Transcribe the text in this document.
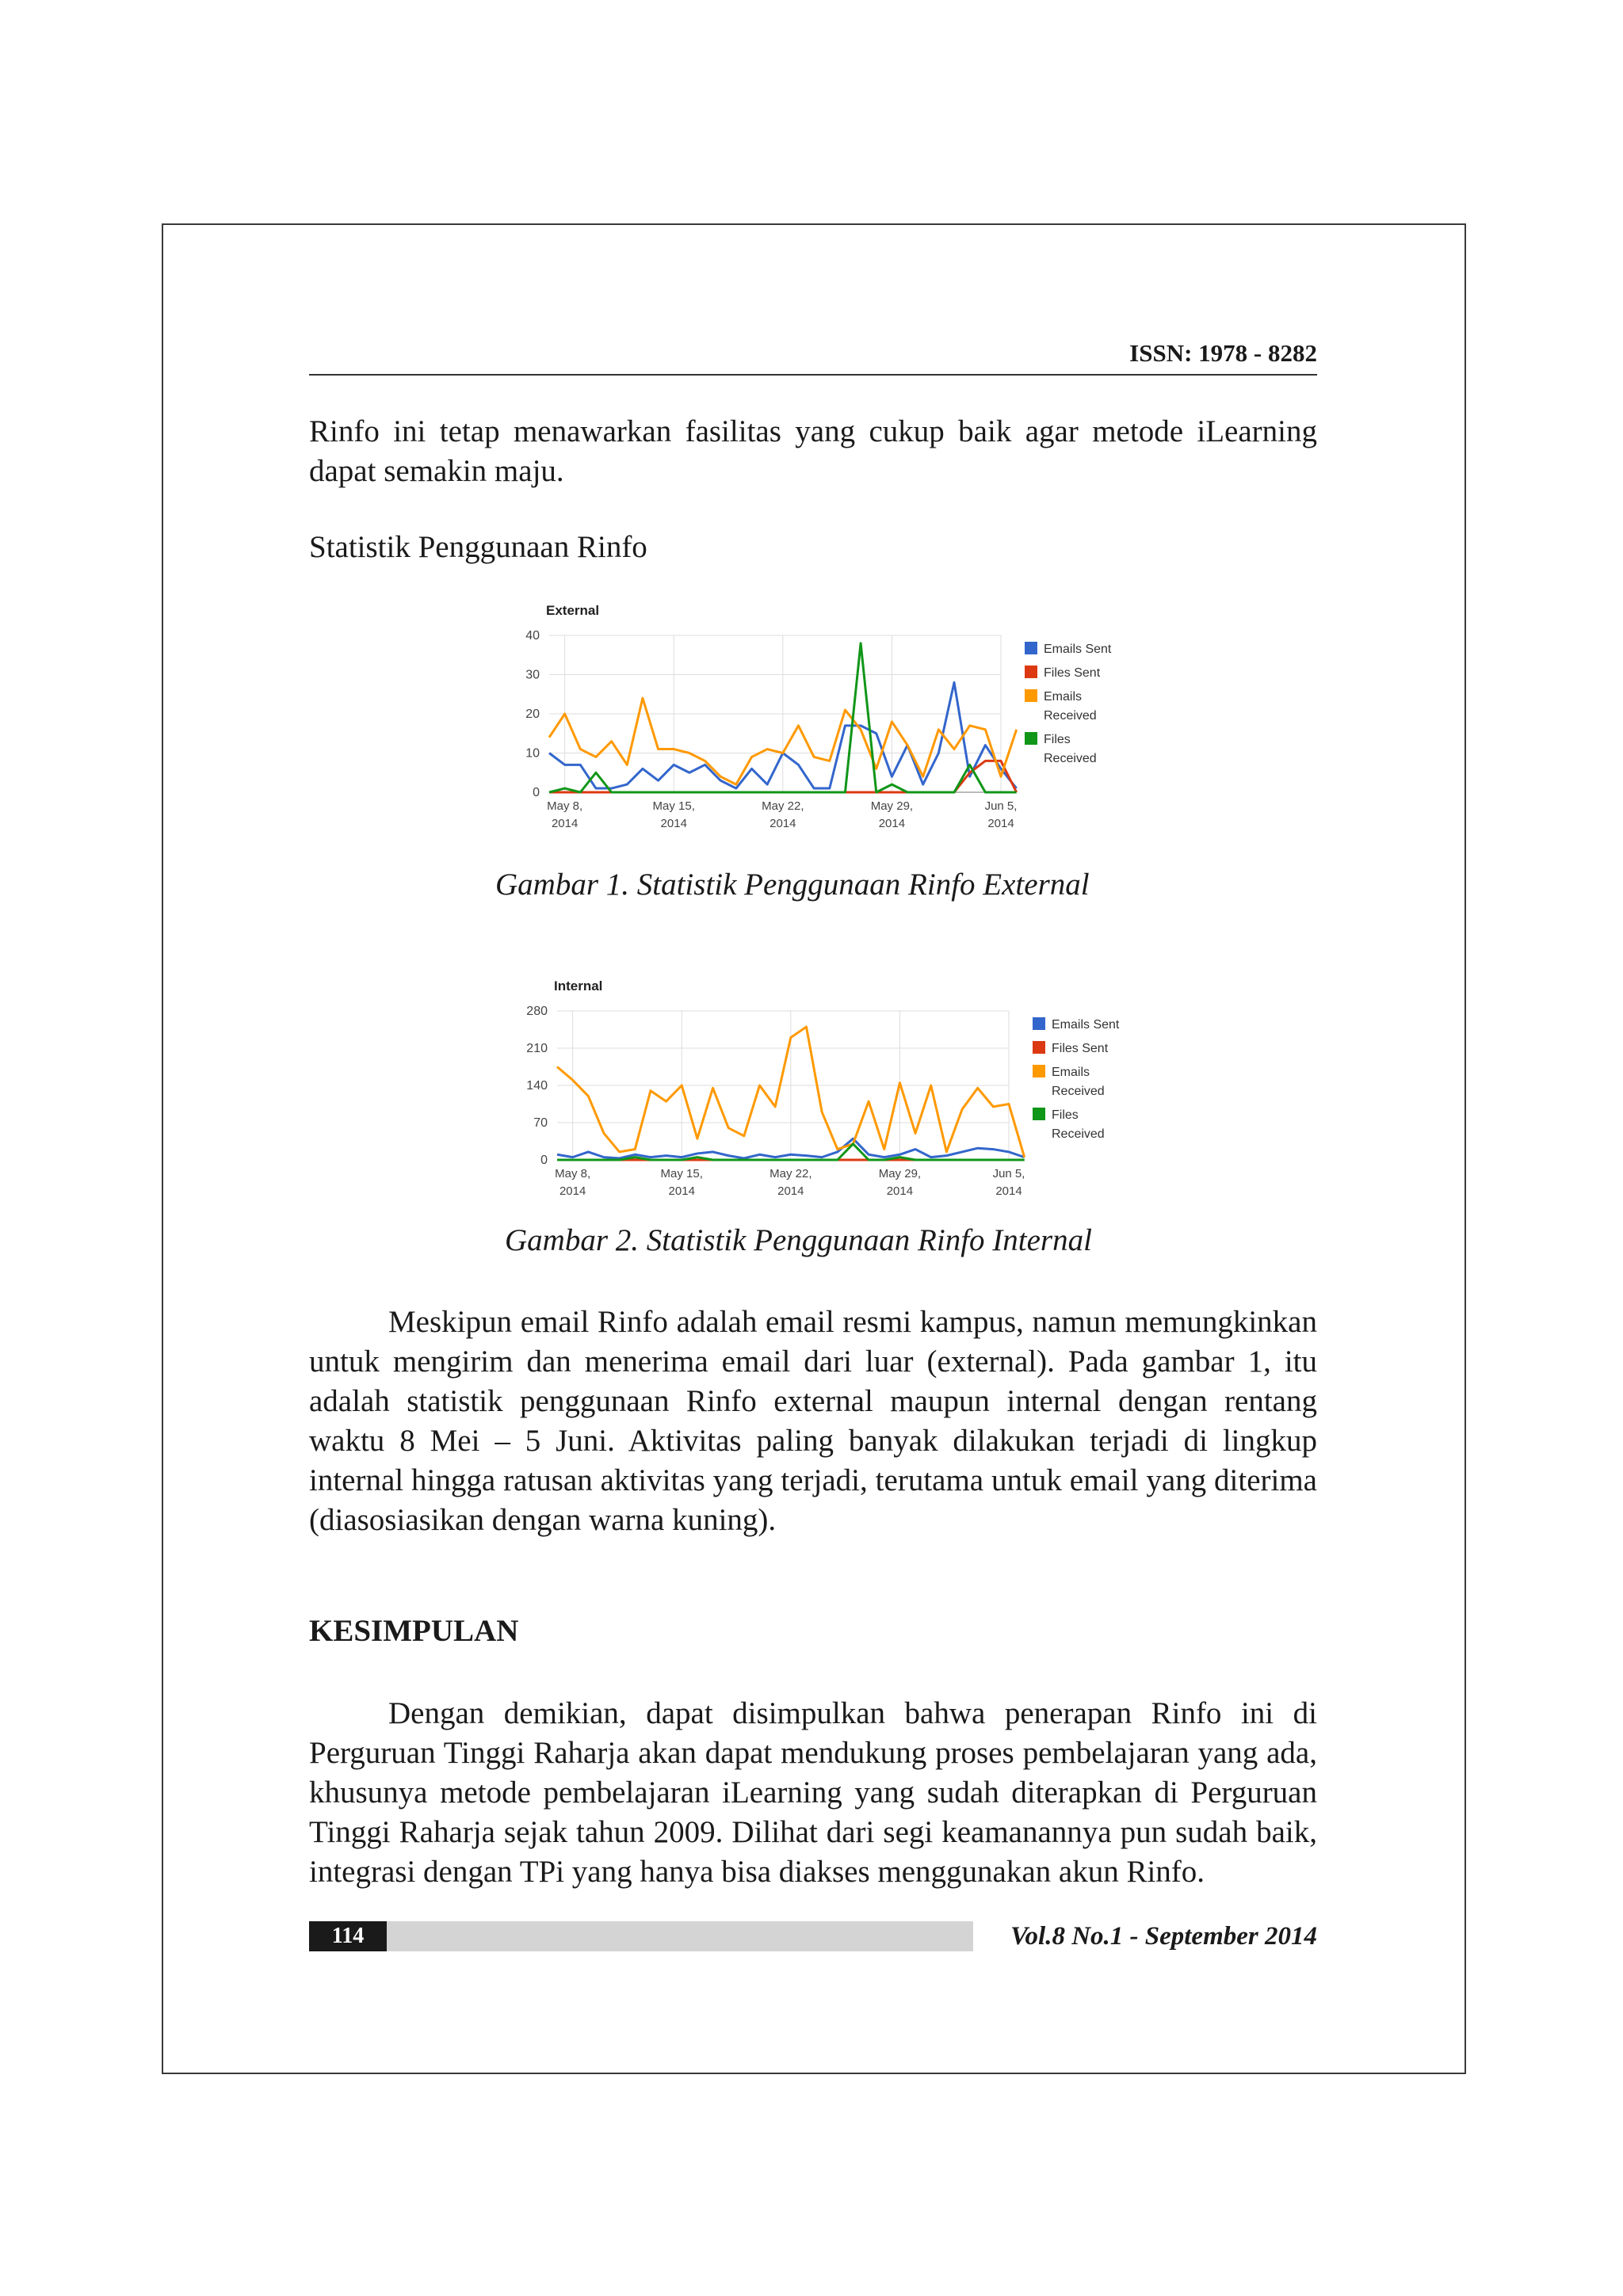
ISSN: 1978 - 8282

Rinfo ini tetap menawarkan fasilitas yang cukup baik agar metode iLearning dapat semakin maju.

Statistik Penggunaan Rinfo

External
0
10
20
30
40
May 8,
2014
May 15,
2014
May 22,
2014
May 29,
2014
Jun 5,
2014
Emails Sent
Files Sent
Emails
Received
Files
Received

Gambar 1. Statistik Penggunaan Rinfo External

Internal
0
70
140
210
280
May 8,
2014
May 15,
2014
May 22,
2014
May 29,
2014
Jun 5,
2014
Emails Sent
Files Sent
Emails
Received
Files
Received

Gambar 2. Statistik Penggunaan Rinfo Internal

Meskipun email Rinfo adalah email resmi kampus, namun memungkinkan untuk mengirim dan menerima email dari luar (external). Pada gambar 1, itu adalah statistik penggunaan Rinfo external maupun internal dengan rentang waktu 8 Mei – 5 Juni. Aktivitas paling banyak dilakukan terjadi di lingkup internal hingga ratusan aktivitas yang terjadi, terutama untuk email yang diterima (diasosiasikan dengan warna kuning).

KESIMPULAN

Dengan demikian, dapat disimpulkan bahwa penerapan Rinfo ini di Perguruan Tinggi Raharja akan dapat mendukung proses pembelajaran yang ada, khusunya metode pembelajaran iLearning yang sudah diterapkan di Perguruan Tinggi Raharja sejak tahun 2009. Dilihat dari segi keamanannya pun sudah baik, integrasi dengan TPi yang hanya bisa diakses menggunakan akun Rinfo.

114	Vol.8 No.1 - September 2014
